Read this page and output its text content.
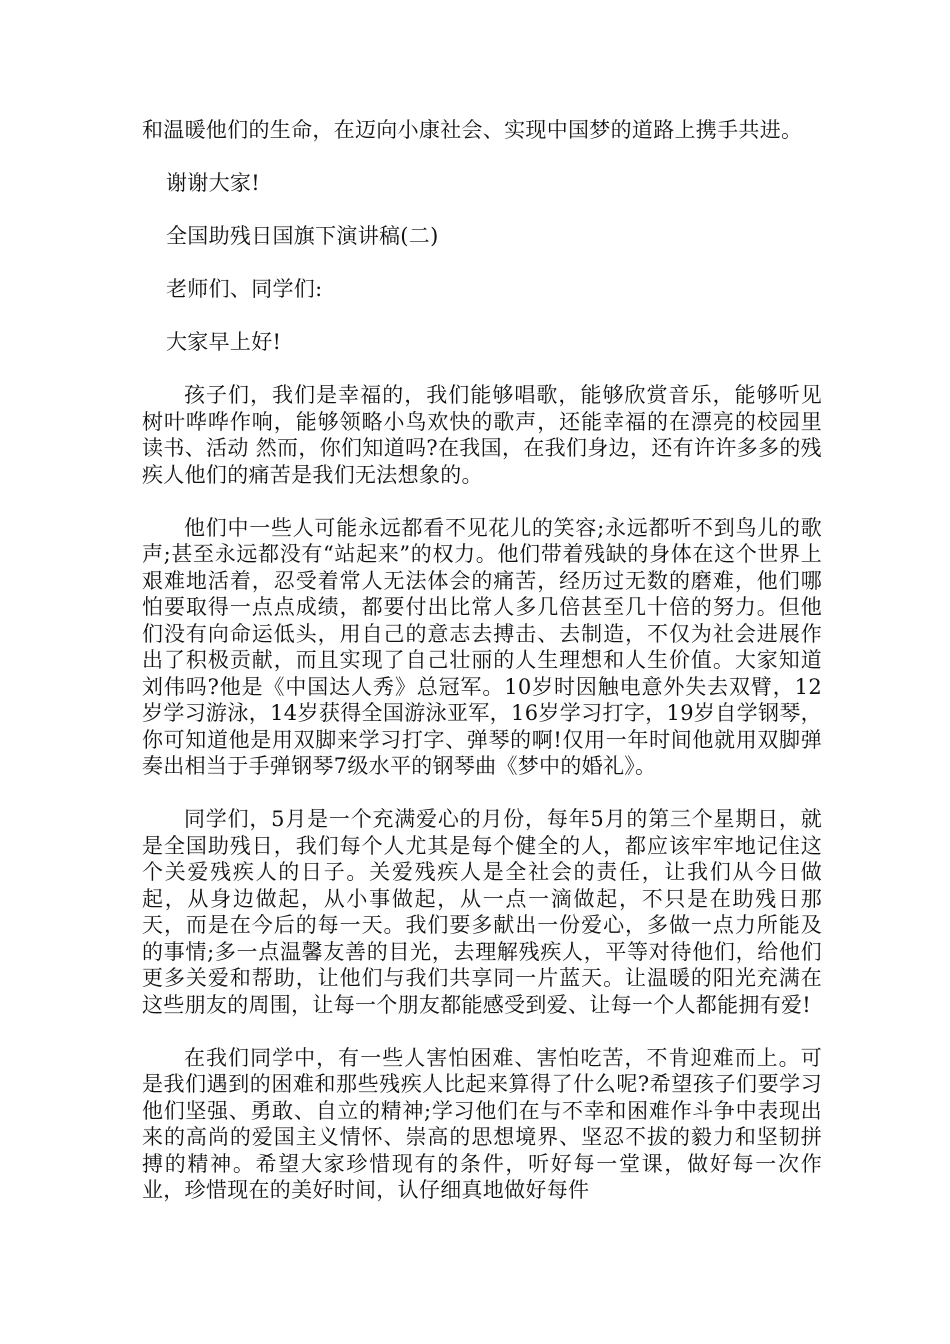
和温暖他们的生命，在迈向小康社会、实现中国梦的道路上携手共进。

谢谢大家!

全国助残日国旗下演讲稿(二)

老师们、同学们:

大家早上好!

孩子们，我们是幸福的，我们能够唱歌，能够欣赏音乐，能够听见树叶哗哗作响，能够领略小鸟欢快的歌声，还能幸福的在漂亮的校园里读书、活动 然而，你们知道吗?在我国，在我们身边，还有许许多多的残疾人他们的痛苦是我们无法想象的。

他们中一些人可能永远都看不见花儿的笑容;永远都听不到鸟儿的歌声;甚至永远都没有“站起来”的权力。他们带着残缺的身体在这个世界上艰难地活着，忍受着常人无法体会的痛苦，经历过无数的磨难，他们哪怕要取得一点点成绩，都要付出比常人多几倍甚至几十倍的努力。但他们没有向命运低头，用自己的意志去搏击、去制造，不仅为社会进展作出了积极贡献，而且实现了自己壮丽的人生理想和人生价值。大家知道刘伟吗?他是《中国达人秀》总冠军。10岁时因触电意外失去双臂，12岁学习游泳，14岁获得全国游泳亚军，16岁学习打字，19岁自学钢琴，你可知道他是用双脚来学习打字、弹琴的啊!仅用一年时间他就用双脚弹奏出相当于手弹钢琴7级水平的钢琴曲《梦中的婚礼》。

同学们，5月是一个充满爱心的月份，每年5月的第三个星期日，就是全国助残日，我们每个人尤其是每个健全的人，都应该牢牢地记住这个关爱残疾人的日子。关爱残疾人是全社会的责任，让我们从今日做起，从身边做起，从小事做起，从一点一滴做起，不只是在助残日那天，而是在今后的每一天。我们要多献出一份爱心，多做一点力所能及的事情;多一点温馨友善的目光，去理解残疾人，平等对待他们，给他们更多关爱和帮助，让他们与我们共享同一片蓝天。让温暖的阳光充满在这些朋友的周围，让每一个朋友都能感受到爱、让每一个人都能拥有爱!

在我们同学中，有一些人害怕困难、害怕吃苦，不肯迎难而上。可是我们遇到的困难和那些残疾人比起来算得了什么呢?希望孩子们要学习他们坚强、勇敢、自立的精神;学习他们在与不幸和困难作斗争中表现出来的高尚的爱国主义情怀、崇高的思想境界、坚忍不拔的毅力和坚韧拼搏的精神。希望大家珍惜现有的条件，听好每一堂课，做好每一次作业，珍惜现在的美好时间，认仔细真地做好每件
